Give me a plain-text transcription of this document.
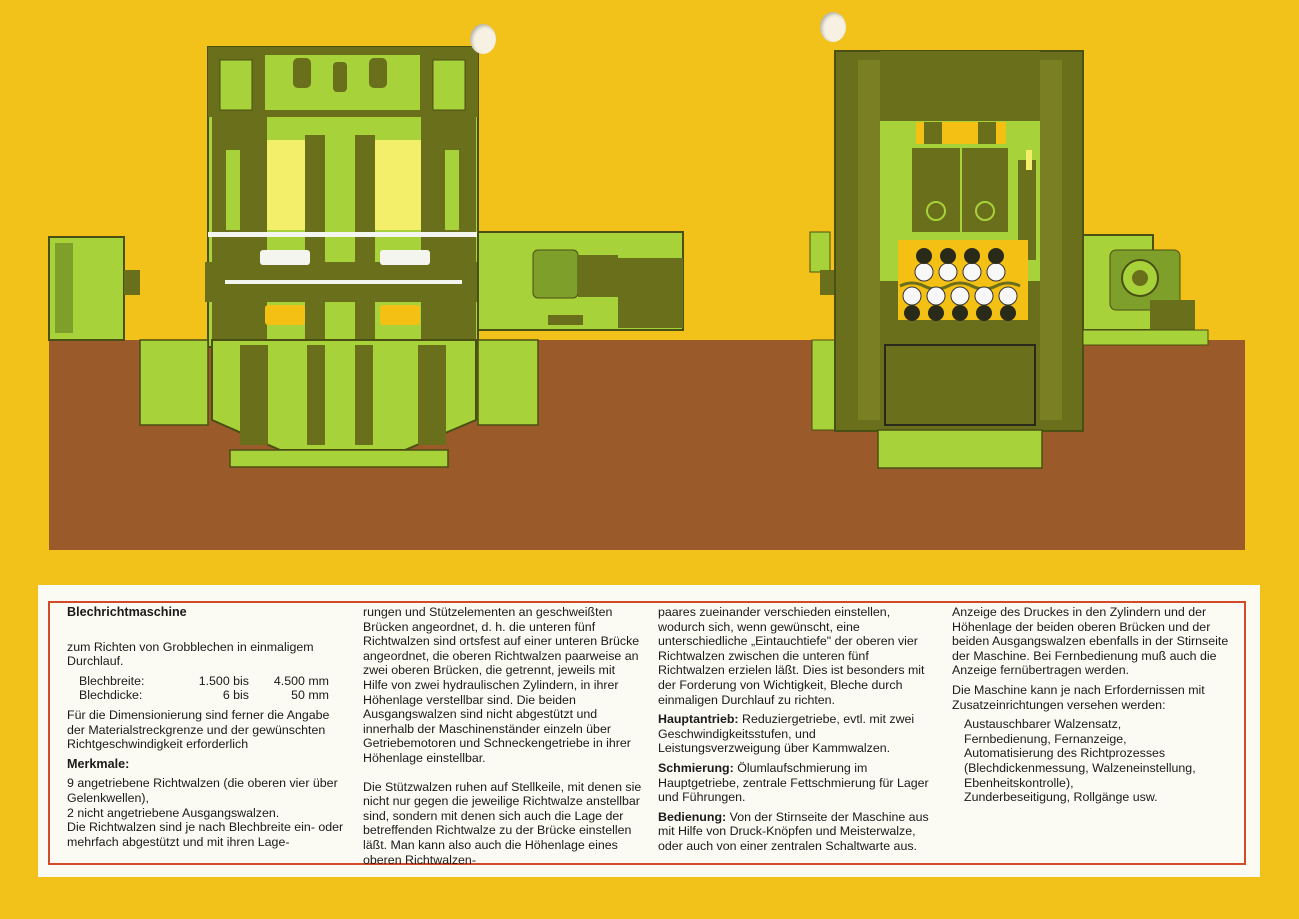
Blechrichtmaschine

zum Richten von Grobblechen in einmaligem Durchlauf.

Blechbreite:	1.500 bis	4.500 mm
Blechdicke:	6 bis	50 mm

Für die Dimensionierung sind ferner die Angabe der Materialstreckgrenze und der gewünschten Richtgeschwindigkeit erforderlich

Merkmale:

9 angetriebene Richtwalzen (die oberen vier über Gelenkwellen),

2 nicht angetriebene Ausgangswalzen.

Die Richtwalzen sind je nach Blechbreite ein- oder mehrfach abgestützt und mit ihren Lage-

rungen und Stützelementen an geschweißten Brücken angeordnet, d. h. die unteren fünf Richtwalzen sind ortsfest auf einer unteren Brücke angeordnet, die oberen Richtwalzen paarweise an zwei oberen Brücken, die getrennt, jeweils mit Hilfe von zwei hydraulischen Zylindern, in ihrer Höhenlage verstellbar sind. Die beiden Ausgangswalzen sind nicht abgestützt und innerhalb der Maschinenständer einzeln über Getriebemotoren und Schneckengetriebe in ihrer Höhenlage einstellbar.

Die Stützwalzen ruhen auf Stellkeile, mit denen sie nicht nur gegen die jeweilige Richtwalze anstellbar sind, sondern mit denen sich auch die Lage der betreffenden Richtwalze zu der Brücke einstellen läßt. Man kann also auch die Höhenlage eines oberen Richtwalzen-

paares zueinander verschieden einstellen, wodurch sich, wenn gewünscht, eine unterschiedliche „Eintauchtiefe" der oberen vier Richtwalzen zwischen die unteren fünf Richtwalzen erzielen läßt. Dies ist besonders mit der Forderung von Wichtigkeit, Bleche durch einmaligen Durchlauf zu richten.

Hauptantrieb: Reduziergetriebe, evtl. mit zwei Geschwindigkeitsstufen, und Leistungsverzweigung über Kammwalzen.

Schmierung: Ölumlaufschmierung im Hauptgetriebe, zentrale Fettschmierung für Lager und Führungen.

Bedienung: Von der Stirnseite der Maschine aus mit Hilfe von Druck-Knöpfen und Meisterwalze, oder auch von einer zentralen Schaltwarte aus.

Anzeige des Druckes in den Zylindern und der Höhenlage der beiden oberen Brücken und der beiden Ausgangswalzen ebenfalls in der Stirnseite der Maschine. Bei Fernbedienung muß auch die Anzeige fernübertragen werden.

Die Maschine kann je nach Erfordernissen mit Zusatzeinrichtungen versehen werden:

Austauschbarer Walzensatz,

Fernbedienung, Fernanzeige,

Automatisierung des Richtprozesses (Blechdickenmessung, Walzeneinstellung, Ebenheitskontrolle),

Zunderbeseitigung, Rollgänge usw.
